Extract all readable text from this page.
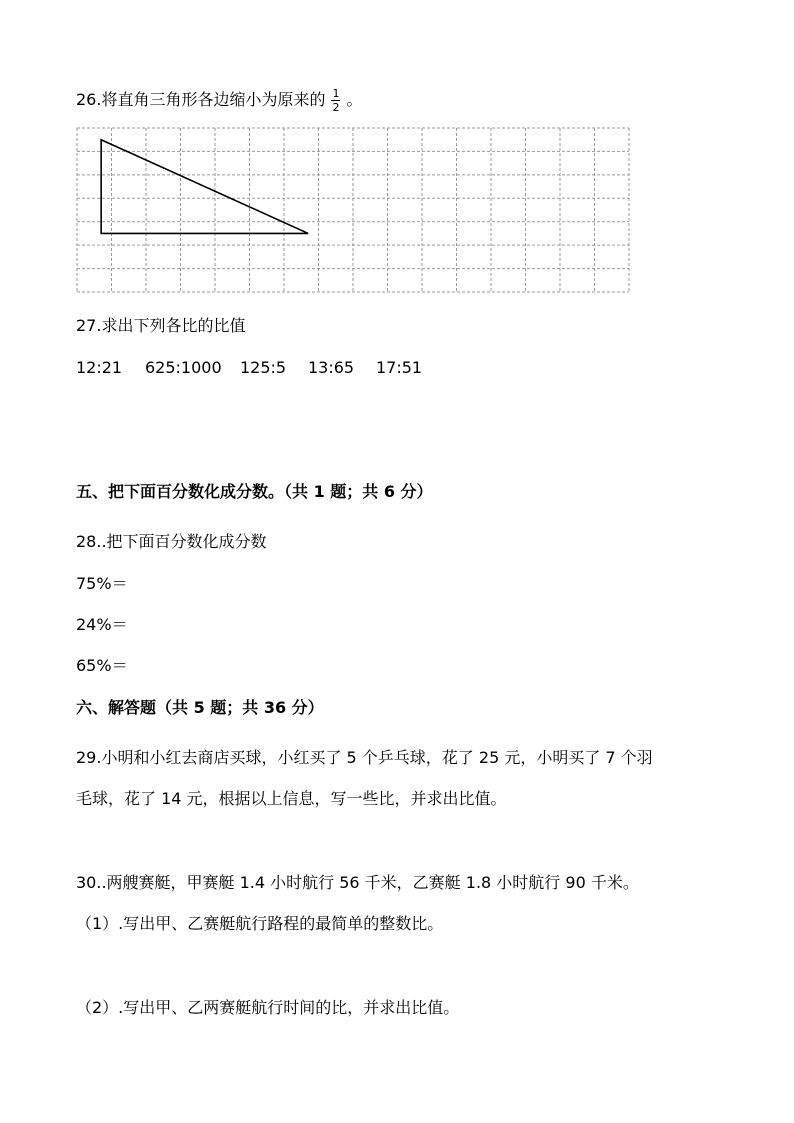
26.将直角三角形各边缩小为原来的 $\frac{1}{2}$ 。
27.求出下列各比的比值
12:21 625:1000 125:5 13:65 17:51
五、把下面百分数化成分数。（共 1 题；共 6 分）
28..把下面百分数化成分数
75%＝
24%＝
65%＝
六、解答题（共 5 题；共 36 分）
29.小明和小红去商店买球，小红买了 5 个乒乓球，花了 25 元，小明买了 7 个羽
毛球，花了 14 元，根据以上信息，写一些比，并求出比值。
30..两艘赛艇，甲赛艇 1.4 小时航行 56 千米，乙赛艇 1.8 小时航行 90 千米。
（1）.写出甲、乙赛艇航行路程的最简单的整数比。
（2）.写出甲、乙两赛艇航行时间的比，并求出比值。
